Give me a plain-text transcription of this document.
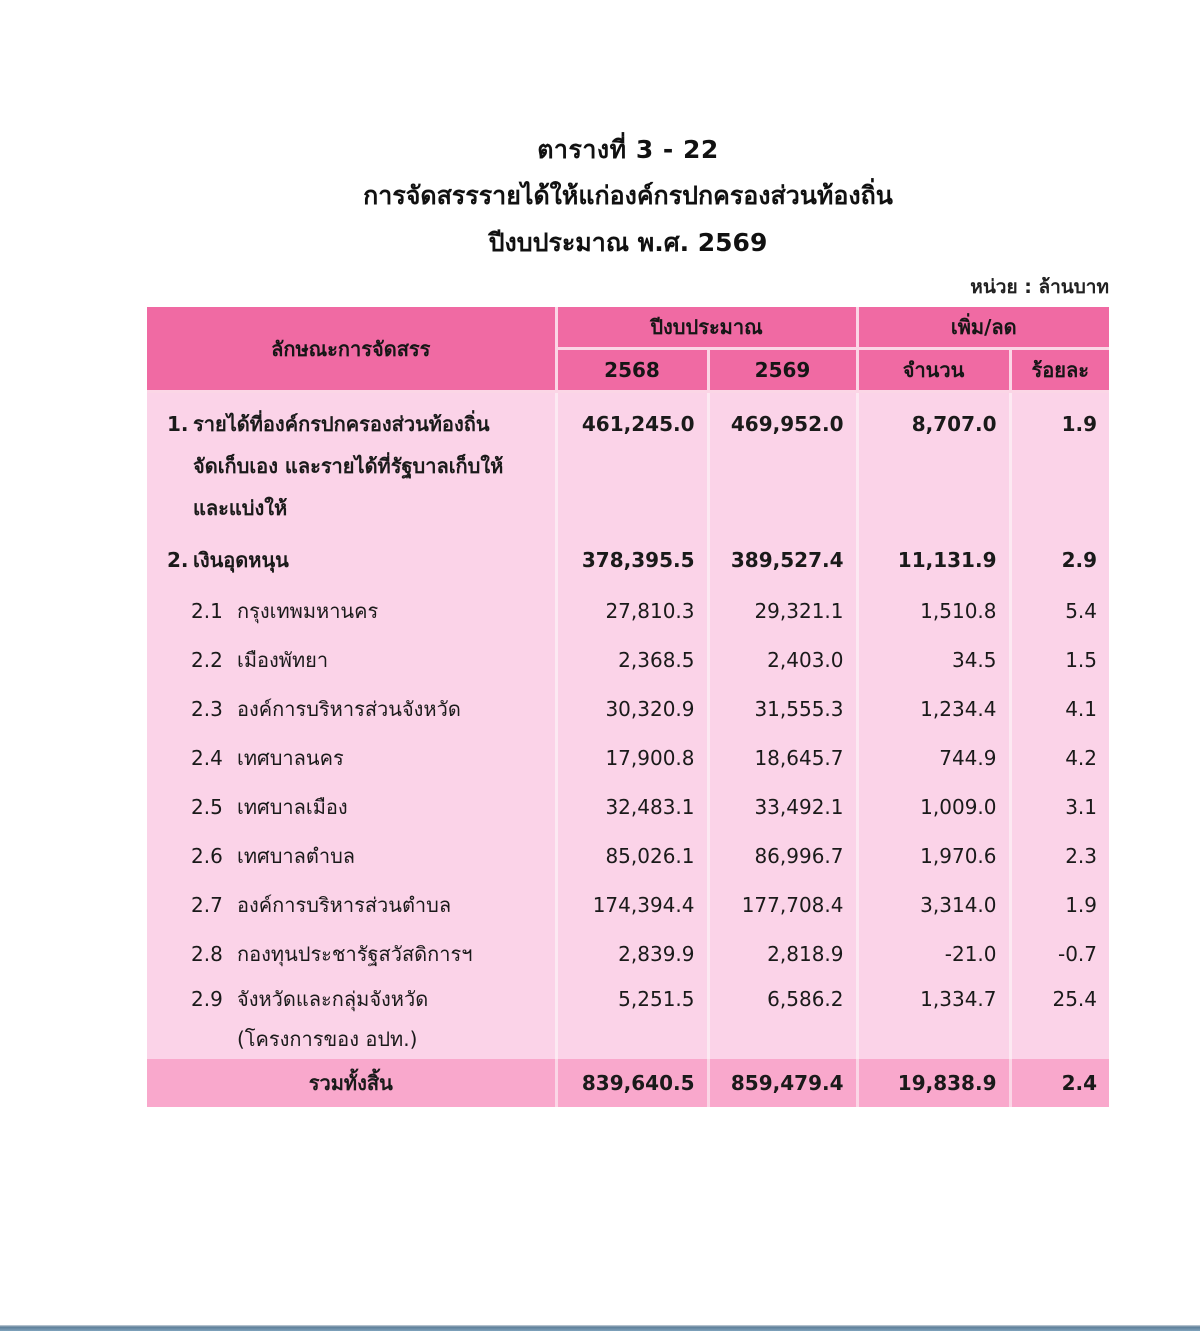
ตารางที่ 3 - 22
การจัดสรรรายได้ให้แก่องค์กรปกครองส่วนท้องถิ่น
ปีงบประมาณ พ.ศ. 2569
หน่วย : ล้านบาท
ลักษณะการจัดสรร	ปีงบประมาณ		เพิ่ม/ลด	
	2568	2569	จำนวน	ร้อยละ

1. รายได้ที่องค์กรปกครองส่วนท้องถิ่น
จัดเก็บเอง และรายได้ที่รัฐบาลเก็บให้
และแบ่งให้	461,245.0	469,952.0	8,707.0	1.9

2. เงินอุดหนุน	378,395.5	389,527.4	11,131.9	2.9

2.1 กรุงเทพมหานคร	27,810.3	29,321.1	1,510.8	5.4

2.2 เมืองพัทยา	2,368.5	2,403.0	34.5	1.5

2.3 องค์การบริหารส่วนจังหวัด	30,320.9	31,555.3	1,234.4	4.1

2.4 เทศบาลนคร	17,900.8	18,645.7	744.9	4.2

2.5 เทศบาลเมือง	32,483.1	33,492.1	1,009.0	3.1

2.6 เทศบาลตำบล	85,026.1	86,996.7	1,970.6	2.3

2.7 องค์การบริหารส่วนตำบล	174,394.4	177,708.4	3,314.0	1.9

2.8 กองทุนประชารัฐสวัสดิการฯ	2,839.9	2,818.9	-21.0	-0.7

2.9 จังหวัดและกลุ่มจังหวัด
(โครงการของ อปท.)	5,251.5	6,586.2	1,334.7	25.4
รวมทั้งสิ้น	839,640.5	859,479.4	19,838.9	2.4
